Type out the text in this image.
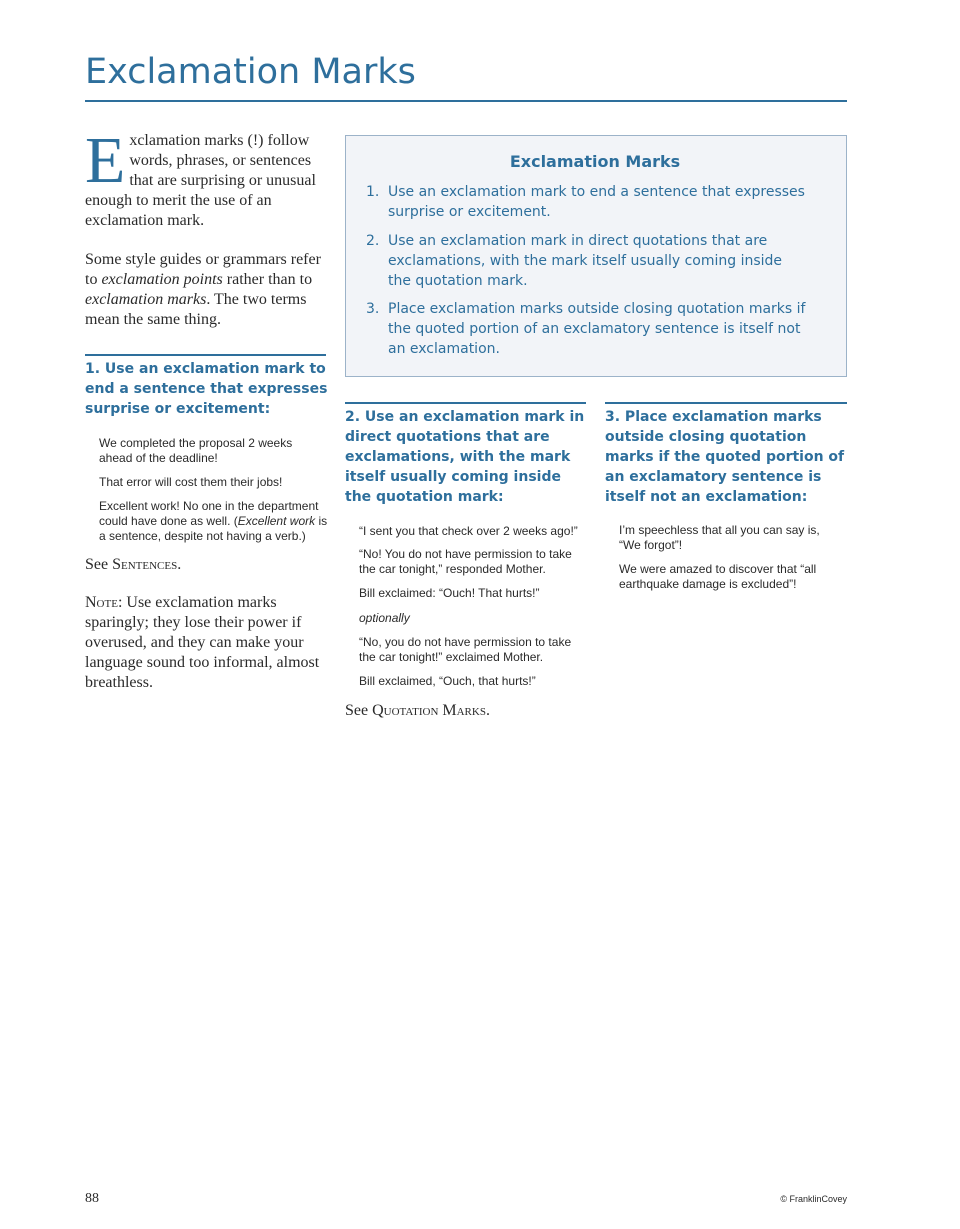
Exclamation Marks

Exclamation marks (!) follow words, phrases, or sentences that are surprising or unusual enough to merit the use of an exclamation mark.

Some style guides or grammars refer to exclamation points rather than to exclamation marks. The two terms mean the same thing.

1. Use an exclamation mark to end a sentence that expresses surprise or excitement:

We completed the proposal 2 weeks ahead of the deadline!

That error will cost them their jobs!

Excellent work! No one in the department could have done as well. (Excellent work is a sentence, despite not having a verb.)

See Sentences.

Note: Use exclamation marks sparingly; they lose their power if overused, and they can make your language sound too informal, almost breathless.

Exclamation Marks

1. Use an exclamation mark to end a sentence that expresses surprise or excitement.
2. Use an exclamation mark in direct quotations that are exclamations, with the mark itself usually coming inside the quotation mark.
3. Place exclamation marks outside closing quotation marks if the quoted portion of an exclamatory sentence is itself not an exclamation.

2. Use an exclamation mark in direct quotations that are exclamations, with the mark itself usually coming inside the quotation mark:

“I sent you that check over 2 weeks ago!”

“No! You do not have permission to take the car tonight,” responded Mother.

Bill exclaimed: “Ouch! That hurts!”

optionally

“No, you do not have permission to take the car tonight!” exclaimed Mother.

Bill exclaimed, “Ouch, that hurts!”

See Quotation Marks.

3. Place exclamation marks outside closing quotation marks if the quoted portion of an exclamatory sentence is itself not an exclamation:

I’m speechless that all you can say is, “We forgot”!

We were amazed to discover that “all earthquake damage is excluded”!

88	© FranklinCovey
